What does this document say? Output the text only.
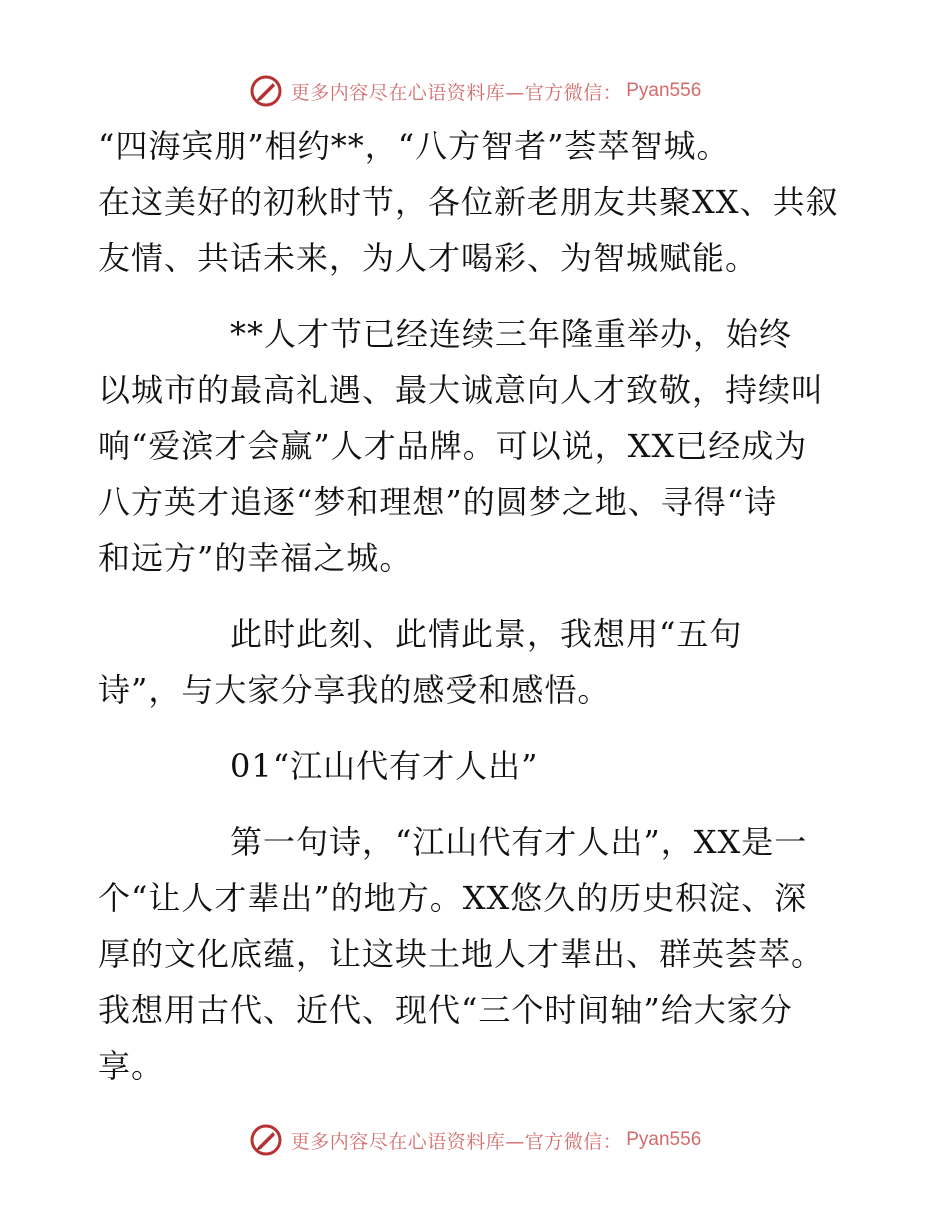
更多内容尽在心语资料库—官方微信： Pyan556

“四海宾朋”相约**，“八方智者”荟萃智城。
在这美好的初秋时节，各位新老朋友共聚XX、共叙
友情、共话未来，为人才喝彩、为智城赋能。

**人才节已经连续三年隆重举办，始终
以城市的最高礼遇、最大诚意向人才致敬，持续叫
响“爱滨才会赢”人才品牌。可以说，XX已经成为
八方英才追逐“梦和理想”的圆梦之地、寻得“诗
和远方”的幸福之城。

此时此刻、此情此景，我想用“五句
诗”，与大家分享我的感受和感悟。

01“江山代有才人出”

第一句诗，“江山代有才人出”，XX是一
个“让人才辈出”的地方。XX悠久的历史积淀、深
厚的文化底蕴，让这块土地人才辈出、群英荟萃。
我想用古代、近代、现代“三个时间轴”给大家分
享。

更多内容尽在心语资料库—官方微信： Pyan556
